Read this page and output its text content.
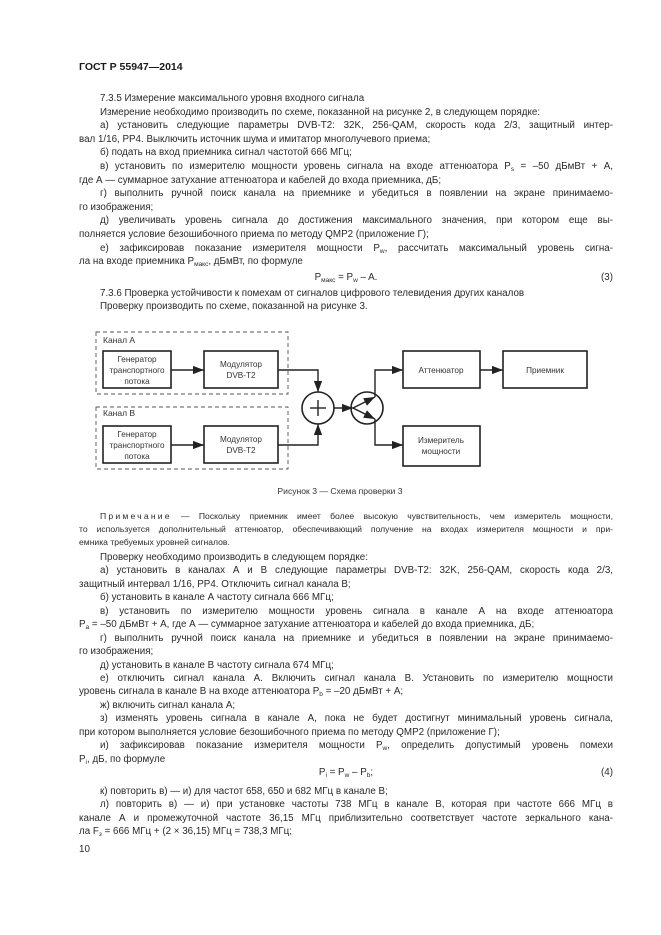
ГОСТ Р 55947—2014
7.3.5 Измерение максимального уровня входного сигнала
Измерение необходимо производить по схеме, показанной на рисунке 2, в следующем порядке:
а) установить следующие параметры DVB-T2: 32K, 256-QAM, скорость кода 2/3, защитный интер-
вал 1/16, PP4. Выключить источник шума и имитатор многолучевого приема;
б) подать на вход приемника сигнал частотой 666 МГц;
в) установить по измерителю мощности уровень сигнала на входе аттенюатора $P_s = -50$ дБмВт + А,
где А — суммарное затухание аттенюатора и кабелей до входа приемника, дБ;
г) выполнить ручной поиск канала на приемнике и убедиться в появлении на экране принимаемо-
го изображения;
д) увеличивать уровень сигнала до достижения максимального значения, при котором еще вы-
полняется условие безошибочного приема по методу QMP2 (приложение Г);
е) зафиксировав показание измерителя мощности $P_w$, рассчитать максимальный уровень сигна-
ла на входе приемника $P_{макс}$, дБмВт, по формуле
$P_{макс} = P_w - A$.	(3)
7.3.6 Проверка устойчивости к помехам от сигналов цифрового телевидения других каналов
Проверку производить по схеме, показанной на рисунке 3.
Канал А
Канал В
Генератор
транспортного
потока
Модулятор
DVB-T2
Генератор
транспортного
потока
Модулятор
DVB-T2
Аттенюатор	Приемник
Измеритель
мощности
Рисунок 3 — Схема проверки 3
Примечание — Поскольку приемник имеет более высокую чувствительность, чем измеритель мощности,
то используется дополнительный аттенюатор, обеспечивающий получение на входах измерителя мощности и при-
емника требуемых уровней сигналов.
Проверку необходимо производить в следующем порядке:
а) установить в каналах А и В следующие параметры DVB-T2: 32K, 256-QAM, скорость кода 2/3,
защитный интервал 1/16, PP4. Отключить сигнал канала В;
б) установить в канале А частоту сигнала 666 МГц;
в) установить по измерителю мощности уровень сигнала в канале А на входе аттенюатора
$P_a = -50$ дБмВт + А, где А — суммарное затухание аттенюатора и кабелей до входа приемника, дБ;
г) выполнить ручной поиск канала на приемнике и убедиться в появлении на экране принимаемо-
го изображения;
д) установить в канале В частоту сигнала 674 МГц;
е) отключить сигнал канала А. Включить сигнал канала В. Установить по измерителю мощности
уровень сигнала в канале В на входе аттенюатора $P_b = -20$ дБмВт + А;
ж) включить сигнал канала А;
з) изменять уровень сигнала в канале А, пока не будет достигнут минимальный уровень сигнала,
при котором выполняется условие безошибочного приема по методу QMP2 (приложение Г);
и) зафиксировав показание измерителя мощности $P_w$, определить допустимый уровень помехи
$P_i$, дБ, по формуле
$P_i = P_w - P_b$;	(4)
к) повторить в) — и) для частот 658, 650 и 682 МГц в канале В;
л) повторить в) — и) при установке частоты 738 МГц в канале В, которая при частоте 666 МГц в
канале А и промежуточной частоте 36,15 МГц приблизительно соответствует частоте зеркального кана-
ла $F_з = 666$ МГц + (2 × 36,15) МГц = 738,3 МГц;
10
